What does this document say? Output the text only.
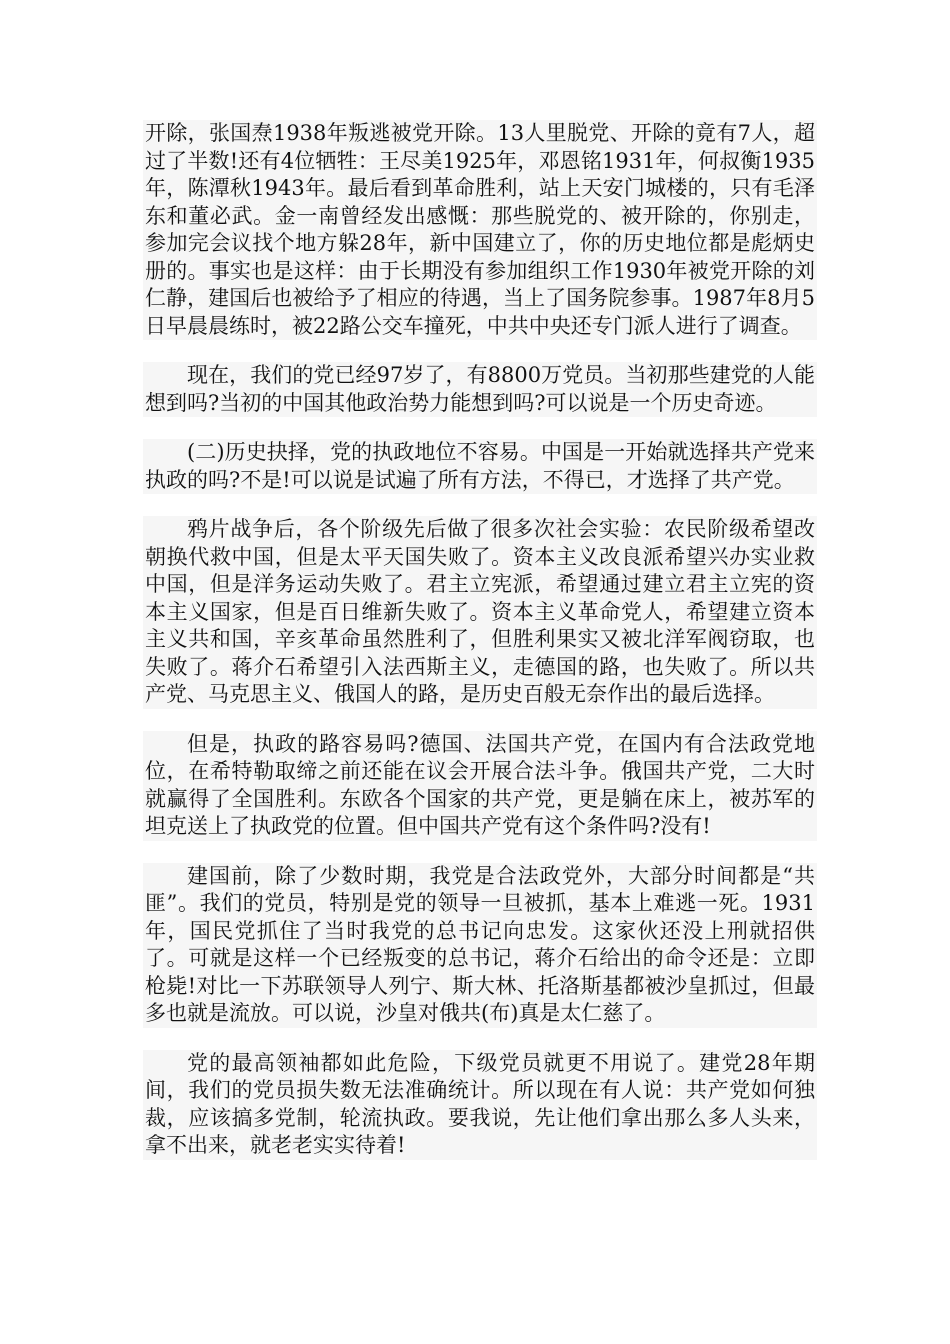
开除，张国焘1938年叛逃被党开除。13人里脱党、开除的竟有7人，超过了半数!还有4位牺牲：王尽美1925年，邓恩铭1931年，何叔衡1935年，陈潭秋1943年。最后看到革命胜利，站上天安门城楼的，只有毛泽东和董必武。金一南曾经发出感慨：那些脱党的、被开除的，你别走，参加完会议找个地方躲28年，新中国建立了，你的历史地位都是彪炳史册的。事实也是这样：由于长期没有参加组织工作1930年被党开除的刘仁静，建国后也被给予了相应的待遇，当上了国务院参事。1987年8月5日早晨晨练时，被22路公交车撞死，中共中央还专门派人进行了调查。

现在，我们的党已经97岁了，有8800万党员。当初那些建党的人能想到吗?当初的中国其他政治势力能想到吗?可以说是一个历史奇迹。

(二)历史抉择，党的执政地位不容易。中国是一开始就选择共产党来执政的吗?不是!可以说是试遍了所有方法，不得已，才选择了共产党。

鸦片战争后，各个阶级先后做了很多次社会实验：农民阶级希望改朝换代救中国，但是太平天国失败了。资本主义改良派希望兴办实业救中国，但是洋务运动失败了。君主立宪派，希望通过建立君主立宪的资本主义国家，但是百日维新失败了。资本主义革命党人，希望建立资本主义共和国，辛亥革命虽然胜利了，但胜利果实又被北洋军阀窃取，也失败了。蒋介石希望引入法西斯主义，走德国的路，也失败了。所以共产党、马克思主义、俄国人的路，是历史百般无奈作出的最后选择。

但是，执政的路容易吗?德国、法国共产党，在国内有合法政党地位，在希特勒取缔之前还能在议会开展合法斗争。俄国共产党，二大时就赢得了全国胜利。东欧各个国家的共产党，更是躺在床上，被苏军的坦克送上了执政党的位置。但中国共产党有这个条件吗?没有!

建国前，除了少数时期，我党是合法政党外，大部分时间都是“共匪”。我们的党员，特别是党的领导一旦被抓，基本上难逃一死。1931年，国民党抓住了当时我党的总书记向忠发。这家伙还没上刑就招供了。可就是这样一个已经叛变的总书记，蒋介石给出的命令还是：立即枪毙!对比一下苏联领导人列宁、斯大林、托洛斯基都被沙皇抓过，但最多也就是流放。可以说，沙皇对俄共(布)真是太仁慈了。

党的最高领袖都如此危险，下级党员就更不用说了。建党28年期间，我们的党员损失数无法准确统计。所以现在有人说：共产党如何独裁，应该搞多党制，轮流执政。要我说，先让他们拿出那么多人头来，拿不出来，就老老实实待着!
